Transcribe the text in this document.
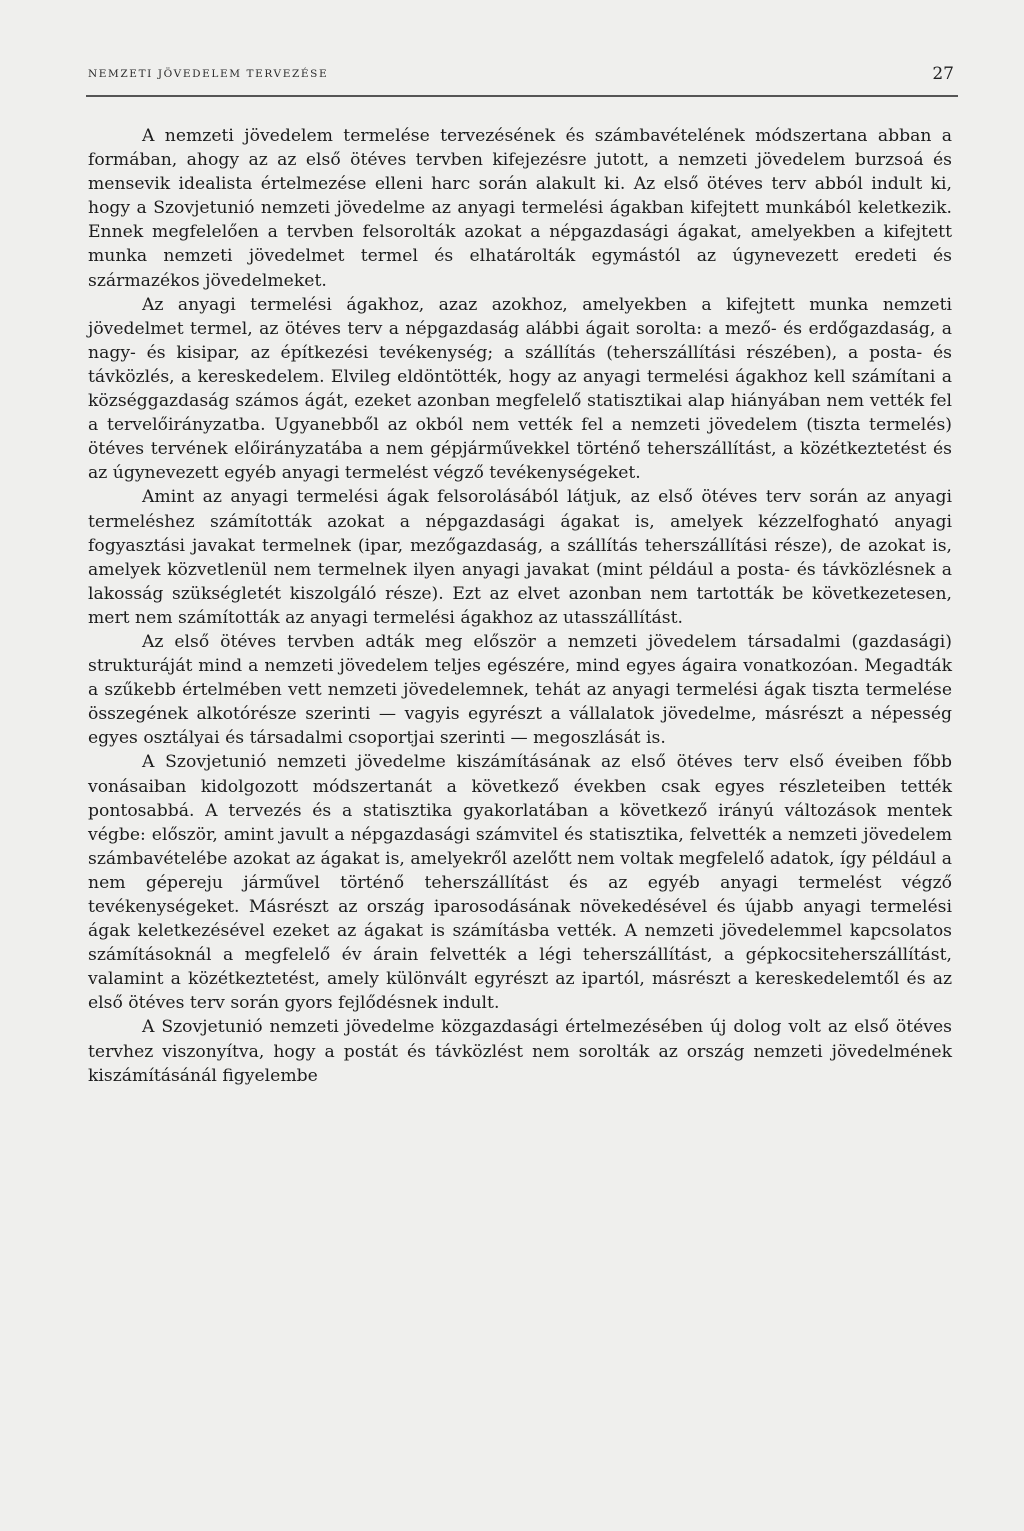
NEMZETI JÖVEDELEM TERVEZÉSE	27

A nemzeti jövedelem termelése tervezésének és számbavételének módszertana abban a formában, ahogy az az első ötéves tervben kifejezésre jutott, a nemzeti jövedelem burzsoá és mensevik idealista értelmezése elleni harc során alakult ki. Az első ötéves terv abból indult ki, hogy a Szovjetunió nemzeti jövedelme az anyagi termelési ágakban kifejtett munkából keletkezik. Ennek megfelelően a tervben felsorolták azokat a népgazdasági ágakat, amelyekben a kifejtett munka nemzeti jövedelmet termel és elhatárolták egymástól az úgynevezett eredeti és származékos jövedelmeket.

Az anyagi termelési ágakhoz, azaz azokhoz, amelyekben a kifejtett munka nemzeti jövedelmet termel, az ötéves terv a népgazdaság alábbi ágait sorolta: a mező- és erdőgazdaság, a nagy- és kisipar, az építkezési tevékenység; a szállítás (teherszállítási részében), a posta- és távközlés, a kereskedelem. Elvileg eldöntötték, hogy az anyagi termelési ágakhoz kell számítani a községgazdaság számos ágát, ezeket azonban megfelelő statisztikai alap hiányában nem vették fel a tervelőirányzatba. Ugyanebből az okból nem vették fel a nemzeti jövedelem (tiszta termelés) ötéves tervének előirányzatába a nem gépjárművekkel történő teherszállítást, a közétkeztetést és az úgynevezett egyéb anyagi termelést végző tevékenységeket.

Amint az anyagi termelési ágak felsorolásából látjuk, az első ötéves terv során az anyagi termeléshez számították azokat a népgazdasági ágakat is, amelyek kézzelfogható anyagi fogyasztási javakat termelnek (ipar, mezőgazdaság, a szállítás teherszállítási része), de azokat is, amelyek közvetlenül nem termelnek ilyen anyagi javakat (mint például a posta- és távközlésnek a lakosság szükségletét kiszolgáló része). Ezt az elvet azonban nem tartották be következetesen, mert nem számították az anyagi termelési ágakhoz az utasszállítást.

Az első ötéves tervben adták meg először a nemzeti jövedelem társadalmi (gazdasági) strukturáját mind a nemzeti jövedelem teljes egészére, mind egyes ágaira vonatkozóan. Megadták a szűkebb értelmében vett nemzeti jövedelemnek, tehát az anyagi termelési ágak tiszta termelése összegének alkotórésze szerinti — vagyis egyrészt a vállalatok jövedelme, másrészt a népesség egyes osztályai és társadalmi csoportjai szerinti — megoszlását is.

A Szovjetunió nemzeti jövedelme kiszámításának az első ötéves terv első éveiben főbb vonásaiban kidolgozott módszertanát a következő években csak egyes részleteiben tették pontosabbá. A tervezés és a statisztika gyakorlatában a következő irányú változások mentek végbe: először, amint javult a népgazdasági számvitel és statisztika, felvették a nemzeti jövedelem számbavételébe azokat az ágakat is, amelyekről azelőtt nem voltak megfelelő adatok, így például a nem gépereju járművel történő teherszállítást és az egyéb anyagi termelést végző tevékenységeket. Másrészt az ország iparosodásának növekedésével és újabb anyagi termelési ágak keletkezésével ezeket az ágakat is számításba vették. A nemzeti jövedelemmel kapcsolatos számításoknál a megfelelő év árain felvették a légi teherszállítást, a gépkocsiteherszállítást, valamint a közétkeztetést, amely különvált egyrészt az ipartól, másrészt a kereskedelemtől és az első ötéves terv során gyors fejlődésnek indult.

A Szovjetunió nemzeti jövedelme közgazdasági értelmezésében új dolog volt az első ötéves tervhez viszonyítva, hogy a postát és távközlést nem sorolták az ország nemzeti jövedelmének kiszámításánál figyelembe
